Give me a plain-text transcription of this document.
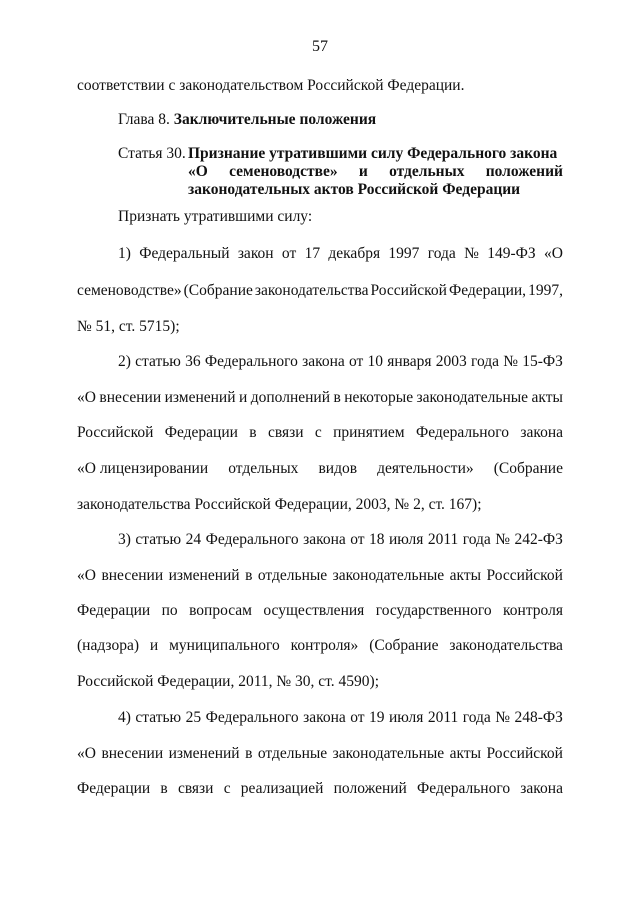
57
соответствии с законодательством Российской Федерации.
Глава 8. Заключительные положения
Статья 30. Признание утратившими силу Федерального закона
«О семеноводстве» и отдельных положений
законодательных актов Российской Федерации
Признать утратившими силу:
1) Федеральный закон от 17 декабря 1997 года № 149-ФЗ «О
семеноводстве» (Собрание законодательства Российской Федерации, 1997,
№ 51, ст. 5715);
2) статью 36 Федерального закона от 10 января 2003 года № 15-ФЗ
«О внесении изменений и дополнений в некоторые законодательные акты
Российской Федерации в связи с принятием Федерального закона
«О лицензировании отдельных видов деятельности» (Собрание
законодательства Российской Федерации, 2003, № 2, ст. 167);
3) статью 24 Федерального закона от 18 июля 2011 года № 242-ФЗ
«О внесении изменений в отдельные законодательные акты Российской
Федерации по вопросам осуществления государственного контроля
(надзора) и муниципального контроля» (Собрание законодательства
Российской Федерации, 2011, № 30, ст. 4590);
4) статью 25 Федерального закона от 19 июля 2011 года № 248-ФЗ
«О внесении изменений в отдельные законодательные акты Российской
Федерации в связи с реализацией положений Федерального закона
